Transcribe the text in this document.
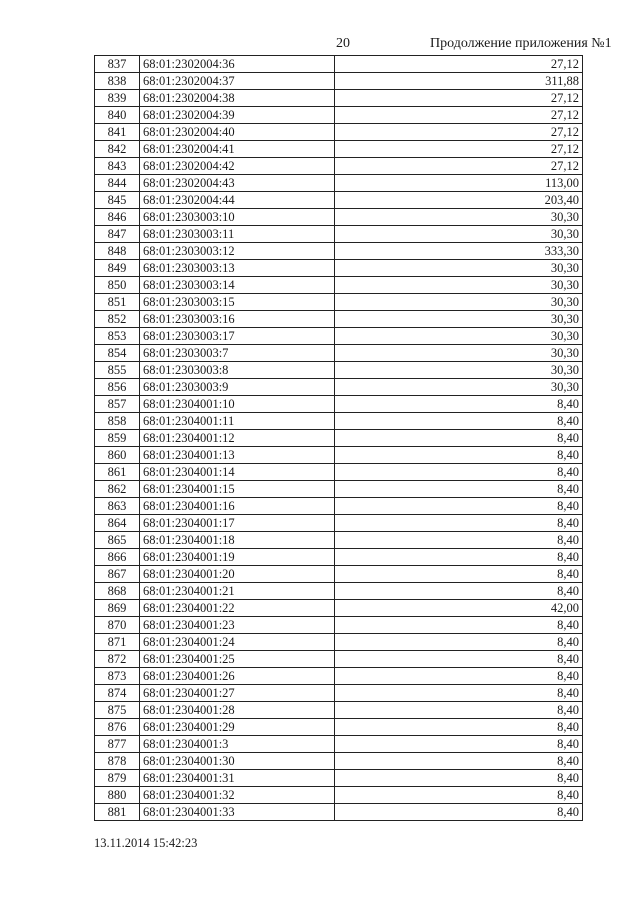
20	Продолжение приложения №1
837	68:01:2302004:36	27,12
838	68:01:2302004:37	311,88
839	68:01:2302004:38	27,12
840	68:01:2302004:39	27,12
841	68:01:2302004:40	27,12
842	68:01:2302004:41	27,12
843	68:01:2302004:42	27,12
844	68:01:2302004:43	113,00
845	68:01:2302004:44	203,40
846	68:01:2303003:10	30,30
847	68:01:2303003:11	30,30
848	68:01:2303003:12	333,30
849	68:01:2303003:13	30,30
850	68:01:2303003:14	30,30
851	68:01:2303003:15	30,30
852	68:01:2303003:16	30,30
853	68:01:2303003:17	30,30
854	68:01:2303003:7	30,30
855	68:01:2303003:8	30,30
856	68:01:2303003:9	30,30
857	68:01:2304001:10	8,40
858	68:01:2304001:11	8,40
859	68:01:2304001:12	8,40
860	68:01:2304001:13	8,40
861	68:01:2304001:14	8,40
862	68:01:2304001:15	8,40
863	68:01:2304001:16	8,40
864	68:01:2304001:17	8,40
865	68:01:2304001:18	8,40
866	68:01:2304001:19	8,40
867	68:01:2304001:20	8,40
868	68:01:2304001:21	8,40
869	68:01:2304001:22	42,00
870	68:01:2304001:23	8,40
871	68:01:2304001:24	8,40
872	68:01:2304001:25	8,40
873	68:01:2304001:26	8,40
874	68:01:2304001:27	8,40
875	68:01:2304001:28	8,40
876	68:01:2304001:29	8,40
877	68:01:2304001:3	8,40
878	68:01:2304001:30	8,40
879	68:01:2304001:31	8,40
880	68:01:2304001:32	8,40
881	68:01:2304001:33	8,40
13.11.2014 15:42:23
